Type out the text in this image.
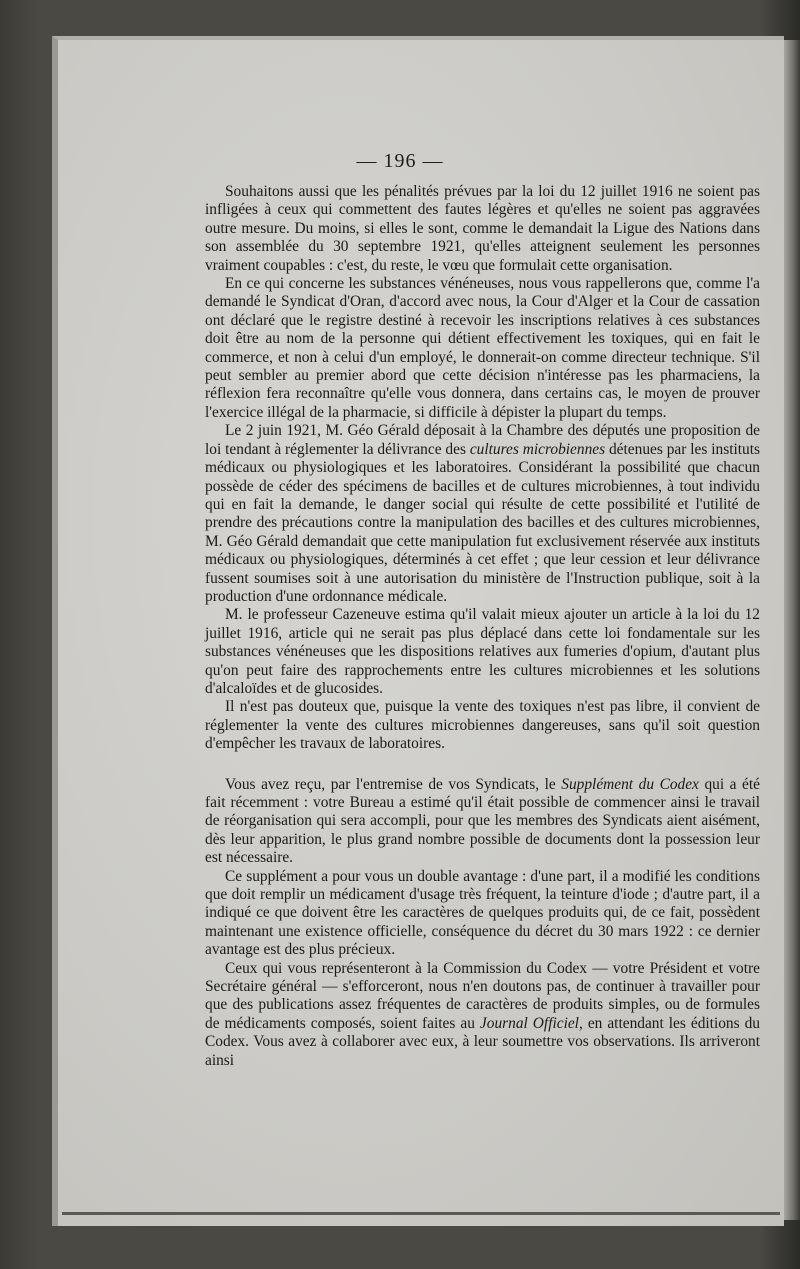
— 196 —

Souhaitons aussi que les pénalités prévues par la loi du 12 juillet 1916 ne soient pas infligées à ceux qui commettent des fautes légères et qu'elles ne soient pas aggravées outre mesure. Du moins, si elles le sont, comme le demandait la Ligue des Nations dans son assemblée du 30 septembre 1921, qu'elles atteignent seulement les personnes vraiment coupables : c'est, du reste, le vœu que formulait cette organisation.

En ce qui concerne les substances vénéneuses, nous vous rappellerons que, comme l'a demandé le Syndicat d'Oran, d'accord avec nous, la Cour d'Alger et la Cour de cassation ont déclaré que le registre destiné à recevoir les inscriptions relatives à ces substances doit être au nom de la personne qui détient effectivement les toxiques, qui en fait le commerce, et non à celui d'un employé, le donnerait-on comme directeur technique. S'il peut sembler au premier abord que cette décision n'intéresse pas les pharmaciens, la réflexion fera reconnaître qu'elle vous donnera, dans certains cas, le moyen de prouver l'exercice illégal de la pharmacie, si difficile à dépister la plupart du temps.

Le 2 juin 1921, M. Géo Gérald déposait à la Chambre des députés une proposition de loi tendant à réglementer la délivrance des cultures microbiennes détenues par les instituts médicaux ou physiologiques et les laboratoires. Considérant la possibilité que chacun possède de céder des spécimens de bacilles et de cultures microbiennes, à tout individu qui en fait la demande, le danger social qui résulte de cette possibilité et l'utilité de prendre des précautions contre la manipulation des bacilles et des cultures microbiennes, M. Géo Gérald demandait que cette manipulation fut exclusivement réservée aux instituts médicaux ou physiologiques, déterminés à cet effet ; que leur cession et leur délivrance fussent soumises soit à une autorisation du ministère de l'Instruction publique, soit à la production d'une ordonnance médicale.

M. le professeur Cazeneuve estima qu'il valait mieux ajouter un article à la loi du 12 juillet 1916, article qui ne serait pas plus déplacé dans cette loi fondamentale sur les substances vénéneuses que les dispositions relatives aux fumeries d'opium, d'autant plus qu'on peut faire des rapprochements entre les cultures microbiennes et les solutions d'alcaloïdes et de glucosides.

Il n'est pas douteux que, puisque la vente des toxiques n'est pas libre, il convient de réglementer la vente des cultures microbiennes dangereuses, sans qu'il soit question d'empêcher les travaux de laboratoires.

Vous avez reçu, par l'entremise de vos Syndicats, le Supplément du Codex qui a été fait récemment : votre Bureau a estimé qu'il était possible de commencer ainsi le travail de réorganisation qui sera accompli, pour que les membres des Syndicats aient aisément, dès leur apparition, le plus grand nombre possible de documents dont la possession leur est nécessaire.

Ce supplément a pour vous un double avantage : d'une part, il a modifié les conditions que doit remplir un médicament d'usage très fréquent, la teinture d'iode ; d'autre part, il a indiqué ce que doivent être les caractères de quelques produits qui, de ce fait, possèdent maintenant une existence officielle, conséquence du décret du 30 mars 1922 : ce dernier avantage est des plus précieux.

Ceux qui vous représenteront à la Commission du Codex — votre Président et votre Secrétaire général — s'efforceront, nous n'en doutons pas, de continuer à travailler pour que des publications assez fréquentes de caractères de produits simples, ou de formules de médicaments composés, soient faites au Journal Officiel, en attendant les éditions du Codex. Vous avez à collaborer avec eux, à leur soumettre vos observations. Ils arriveront ainsi
